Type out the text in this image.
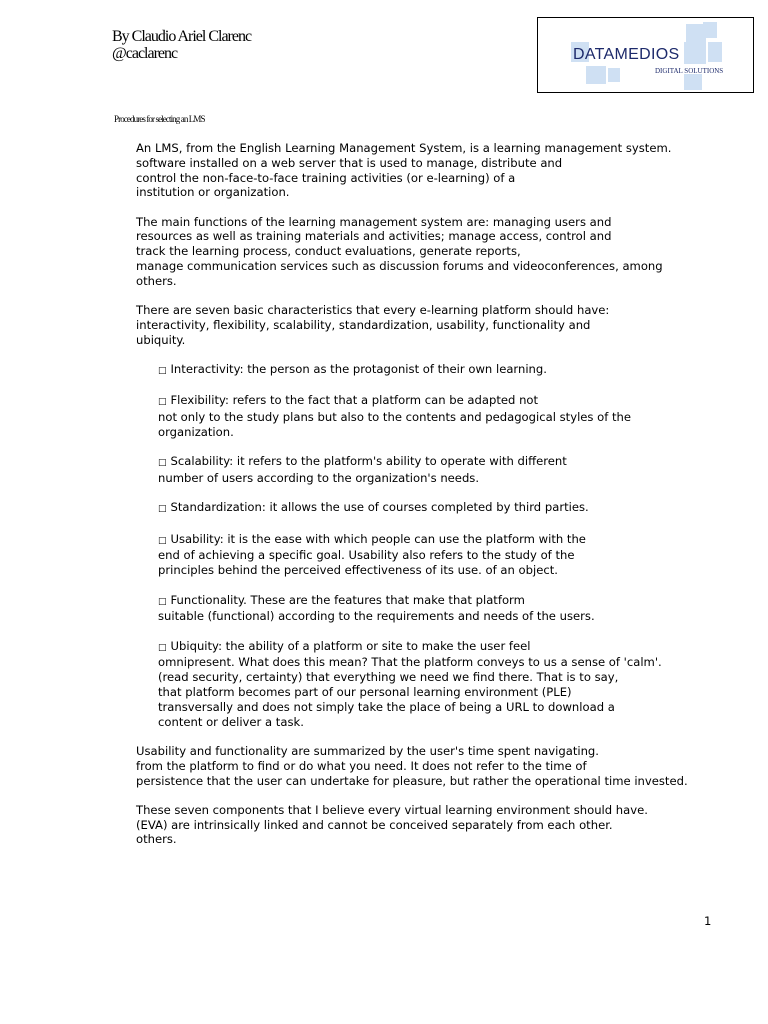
By Claudio Ariel Clarenc
@caclarenc	DATAMEDIOS
DIGITAL SOLUTIONS
Procedures for selecting an LMS
An LMS, from the English Learning Management System, is a learning management system.
software installed on a web server that is used to manage, distribute and
control the non-face-to-face training activities (or e-learning) of a
institution or organization.
The main functions of the learning management system are: managing users and
resources as well as training materials and activities; manage access, control and
track the learning process, conduct evaluations, generate reports,
manage communication services such as discussion forums and videoconferences, among
others.
There are seven basic characteristics that every e-learning platform should have:
interactivity, flexibility, scalability, standardization, usability, functionality and
ubiquity.
□ Interactivity: the person as the protagonist of their own learning.
□ Flexibility: refers to the fact that a platform can be adapted not
not only to the study plans but also to the contents and pedagogical styles of the
organization.
□ Scalability: it refers to the platform's ability to operate with different
number of users according to the organization's needs.
□ Standardization: it allows the use of courses completed by third parties.
□ Usability: it is the ease with which people can use the platform with the
end of achieving a specific goal. Usability also refers to the study of the
principles behind the perceived effectiveness of its use. of an object.
□ Functionality. These are the features that make that platform
suitable (functional) according to the requirements and needs of the users.
□ Ubiquity: the ability of a platform or site to make the user feel
omnipresent. What does this mean? That the platform conveys to us a sense of 'calm'.
(read security, certainty) that everything we need we find there. That is to say,
that platform becomes part of our personal learning environment (PLE)
transversally and does not simply take the place of being a URL to download a
content or deliver a task.
Usability and functionality are summarized by the user's time spent navigating.
from the platform to find or do what you need. It does not refer to the time of
persistence that the user can undertake for pleasure, but rather the operational time invested.
These seven components that I believe every virtual learning environment should have.
(EVA) are intrinsically linked and cannot be conceived separately from each other.
others.
1
